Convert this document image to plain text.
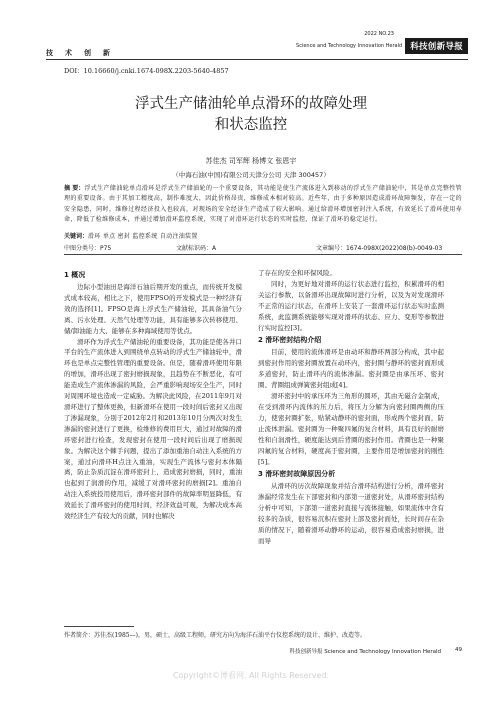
技术创新
2022 NO.23
Science and Technology Innovation Herald 科技创新导报
DOI：10.16660/j.cnki.1674-098X.2203-5640-4857
浮式生产储油轮单点滑环的故障处理
和状态监控
苏佳杰 司军辉 杨博文 张恩宇
（中海石油(中国)有限公司天津分公司 天津 300457）
摘 要：浮式生产储油轮单点滑环是浮式生产储油轮的一个重要设备，其功能是使生产流体进入到移动的浮式生产储油轮中，其是单点完整性管理的重要设备。由于其加工精度高，制作难度大，因此价格昂贵，维修成本相对较高。近些年，由于多种原因造成滑环故障频发，存在一定的安全隐患，同时，维修过程经济投入也较高，对现场的安全经济生产造成了较大影响。通过给滑环增加密封注入系统，有效延长了滑环使用寿命，降低了检维修成本，并通过增加滑环监控系统，实现了对滑环运行状态的实时监控，保证了滑环的稳定运行。
关键词：滑环 单点 密封 监控系统 自动注油装置
中图分类号：P75	文献标识码：A	文章编号：1674-098X(2022)08(b)-0049-03
1 概况

边际小型油田是海洋石油后期开发的重点，而传统开发模式成本较高，相比之下，使用FPSO的开发模式是一种经济有效的选择[1]。FPSO是海上浮式生产储油轮，其具备油气分离、污水处理、天然气处理等功能，具有能够多次转移使用、储/卸油能力大、能够在多种海域使用等优点。

滑环作为浮式生产储油轮的重要设备，其功能是使各井口平台的生产流体进入到围绕单点转动的浮式生产储油轮中，滑环也是单点完整性管理的重要设备。但是，随着滑环使用年限的增加，滑环出现了密封磨损现象，且趋势在不断恶化，有可能造成生产流体渗漏的风险，会严重影响现场安全生产，同时对周围环境也造成一定威胁。为解决此风险，在2011年9月对滑环进行了整体更换，但新滑环在使用一段时间后密封又出现了渗漏现象，分别于2012年2月和2013年10月分两次对发生渗漏的密封进行了更换，检维修的费用巨大，通过对故障的滑环密封进行检查，发现密封在使用一段时间后出现了磨损现象。为解决这个棘手问题，提出了添加重油自动注入系统的方案，通过向滑环H点注入重油，实现生产流体与密封本体隔离，防止杂质沉淀在滑环密封上，造成密封磨损，同时，重油也起到了润滑的作用，减缓了对滑环密封的磨损[2]。重油自动注入系统投用使用后，滑环密封部件的故障率明显降低，有效延长了滑环密封的使用时间，经济效益可观，为解决成本高效经济生产有较大的贡献，同时也解决

了存在的安全和环保风险。

同时，为更好地对滑环的运行状态进行监控，积累滑环的相关运行参数，以备滑环出现故障时进行分析，以及为对发现滑环不正常的运行状态，在滑环上安装了一套滑环运行状态实时监测系统，此监测系统能够实现对滑环的状态、应力、变形等参数进行实时监控[3]。

2 滑环密封结构介绍

目前，使用的流体滑环是由动环和静环两部分构成，其中起到密封作用的密封圈放置在动环内，密封圈与静环的密封面形成多道密封，防止滑环内的流体渗漏。密封圈是由承压环、密封圈、背圈组成弹簧密封组成[4]。

滑环密封中的承压环为三角形的圆环，其由无磁合金制成，在受到滑环内流体的压力后，将压力分解为向密封圈两侧的压力，使密封圈扩张，贴紧动静环的密封面，形成两个密封面，防止流体泄漏。密封圈为一种聚四氟的复合材料，具有良好的耐磨性和自润滑性，硬度能达到后背圈的密封作用。背圈也是一种聚四氟的复合材料，硬度高于密封圈，主要作用是增加密封的刚性[5]。

3 滑环密封故障原因分析

从滑环的历次故障现象并结合滑环结构进行分析，滑环密封渗漏经常发生在下部密封和内部第一道密封处，从滑环密封结构分析中可知，下部第一道密封直接与流体接触，如果流体中含有较多的杂质，很容易沉积在密封上部及密封面处，长时间存在杂质的情况下，随着滑环动静环的运动，很容易造成密封磨损，进而导

作者简介：苏佳杰(1985—)，男，硕士，高级工程师，研究方向为海洋石油平台仪控系统的设计、维护、改造等。
科技创新导报 Science and Technology Innovation Herald	49
Copyright©博看网. All Rights Reserved.
